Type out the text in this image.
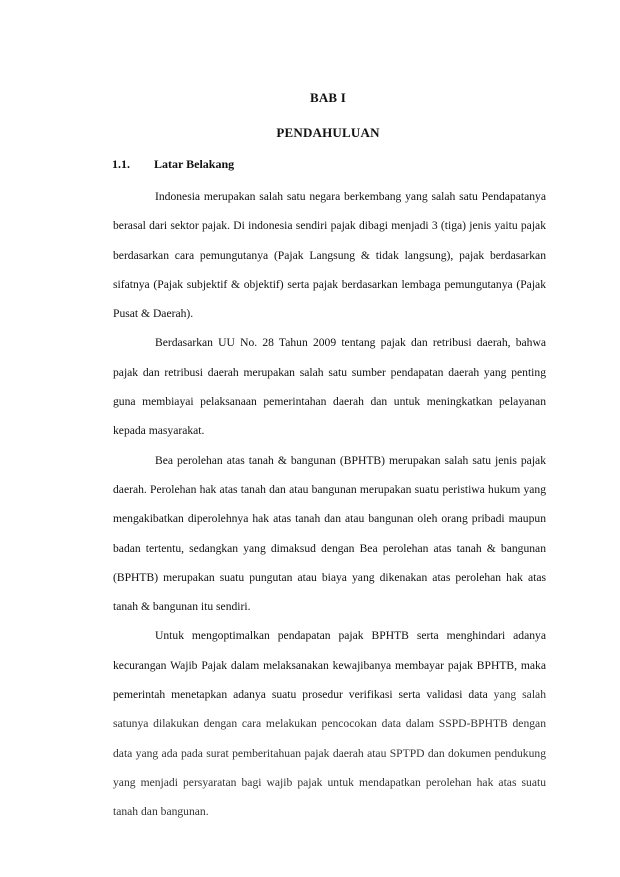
BAB I
PENDAHULUAN
1.1. Latar Belakang

Indonesia merupakan salah satu negara berkembang yang salah satu Pendapatanya berasal dari sektor pajak. Di indonesia sendiri pajak dibagi menjadi 3 (tiga) jenis yaitu pajak berdasarkan cara pemungutanya (Pajak Langsung & tidak langsung), pajak berdasarkan sifatnya (Pajak subjektif & objektif) serta pajak berdasarkan lembaga pemungutanya (Pajak Pusat & Daerah).

Berdasarkan UU No. 28 Tahun 2009 tentang pajak dan retribusi daerah, bahwa pajak dan retribusi daerah merupakan salah satu sumber pendapatan daerah yang penting guna membiayai pelaksanaan pemerintahan daerah dan untuk meningkatkan pelayanan kepada masyarakat.

Bea perolehan atas tanah & bangunan (BPHTB) merupakan salah satu jenis pajak daerah. Perolehan hak atas tanah dan atau bangunan merupakan suatu peristiwa hukum yang mengakibatkan diperolehnya hak atas tanah dan atau bangunan oleh orang pribadi maupun badan tertentu, sedangkan yang dimaksud dengan Bea perolehan atas tanah & bangunan (BPHTB) merupakan suatu pungutan atau biaya yang dikenakan atas perolehan hak atas tanah & bangunan itu sendiri.

Untuk mengoptimalkan pendapatan pajak BPHTB serta menghindari adanya kecurangan Wajib Pajak dalam melaksanakan kewajibanya membayar pajak BPHTB, maka pemerintah menetapkan adanya suatu prosedur verifikasi serta validasi data yang salah satunya dilakukan dengan cara melakukan pencocokan data dalam SSPD-BPHTB dengan data yang ada pada surat pemberitahuan pajak daerah atau SPTPD dan dokumen pendukung yang menjadi persyaratan bagi wajib pajak untuk mendapatkan perolehan hak atas suatu tanah dan bangunan.
